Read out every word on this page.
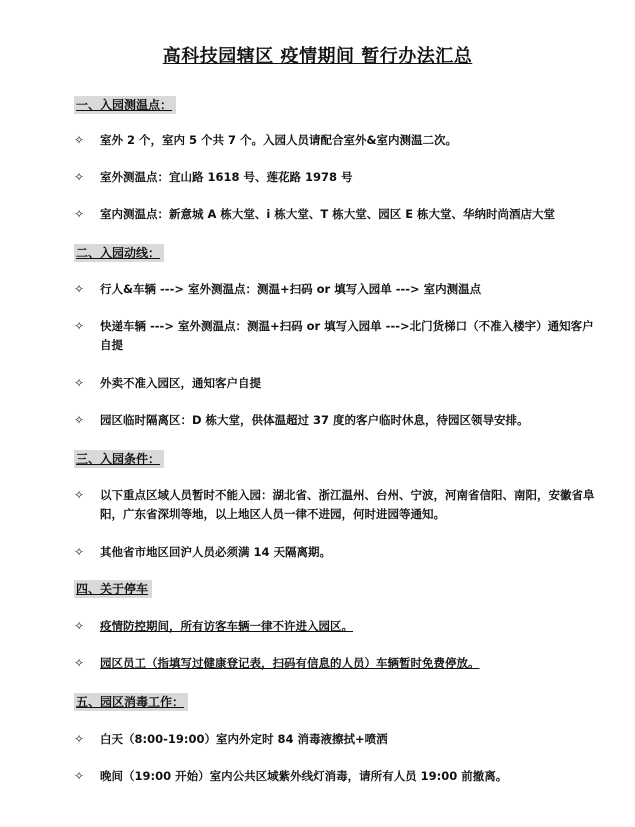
高科技园辖区 疫情期间 暂行办法汇总
一、入园测温点：
✧	室外 2 个，室内 5 个共 7 个。入园人员请配合室外&室内测温二次。
✧	室外测温点：宜山路 1618 号、莲花路 1978 号
✧	室内测温点：新意城 A 栋大堂、i 栋大堂、T 栋大堂、园区 E 栋大堂、华纳时尚酒店大堂
二、入园动线：
✧	行人&车辆 ---> 室外测温点：测温+扫码 or 填写入园单 ---> 室内测温点
✧	快递车辆 ---> 室外测温点：测温+扫码 or 填写入园单 --->北门货梯口（不准入楼宇）通知客户自提
✧	外卖不准入园区，通知客户自提
✧	园区临时隔离区：D 栋大堂，供体温超过 37 度的客户临时休息，待园区领导安排。
三、入园条件：
✧	以下重点区域人员暂时不能入园：湖北省、浙江温州、台州、宁波，河南省信阳、南阳，安徽省阜阳，广东省深圳等地，以上地区人员一律不进园，何时进园等通知。
✧	其他省市地区回沪人员必须满 14 天隔离期。
四、关于停车
✧	疫情防控期间，所有访客车辆一律不许进入园区。
✧	园区员工（指填写过健康登记表，扫码有信息的人员）车辆暂时免费停放。
五、园区消毒工作：
✧	白天（8:00-19:00）室内外定时 84 消毒液擦拭+喷洒
✧	晚间（19:00 开始）室内公共区域紫外线灯消毒，请所有人员 19:00 前撤离。
